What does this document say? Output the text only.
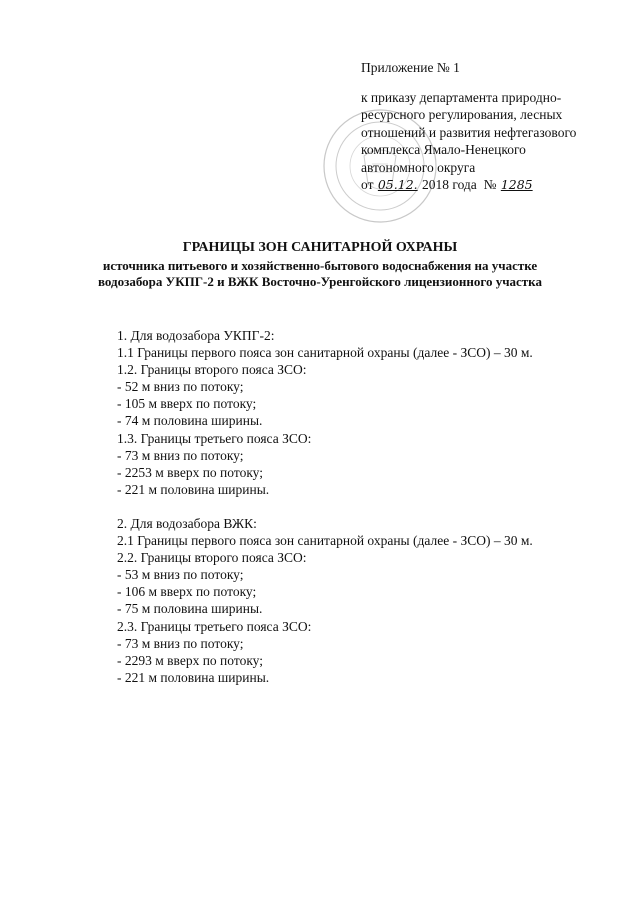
Приложение № 1
к приказу департамента природно-
ресурсного регулирования, лесных
отношений и развития нефтегазового
комплекса Ямало-Ненецкого
автономного округа
от 05.12. 2018 года № 1285
ГРАНИЦЫ ЗОН САНИТАРНОЙ ОХРАНЫ
источника питьевого и хозяйственно-бытового водоснабжения на участке
водозабора УКПГ-2 и ВЖК Восточно-Уренгойского лицензионного участка
1. Для водозабора УКПГ-2:
1.1 Границы первого пояса зон санитарной охраны (далее - ЗСО) – 30 м.
1.2. Границы второго пояса ЗСО:
- 52 м вниз по потоку;
- 105 м вверх по потоку;
- 74 м половина ширины.
1.3. Границы третьего пояса ЗСО:
- 73 м вниз по потоку;
- 2253 м вверх по потоку;
- 221 м половина ширины.
2. Для водозабора ВЖК:
2.1 Границы первого пояса зон санитарной охраны (далее - ЗСО) – 30 м.
2.2. Границы второго пояса ЗСО:
- 53 м вниз по потоку;
- 106 м вверх по потоку;
- 75 м половина ширины.
2.3. Границы третьего пояса ЗСО:
- 73 м вниз по потоку;
- 2293 м вверх по потоку;
- 221 м половина ширины.
